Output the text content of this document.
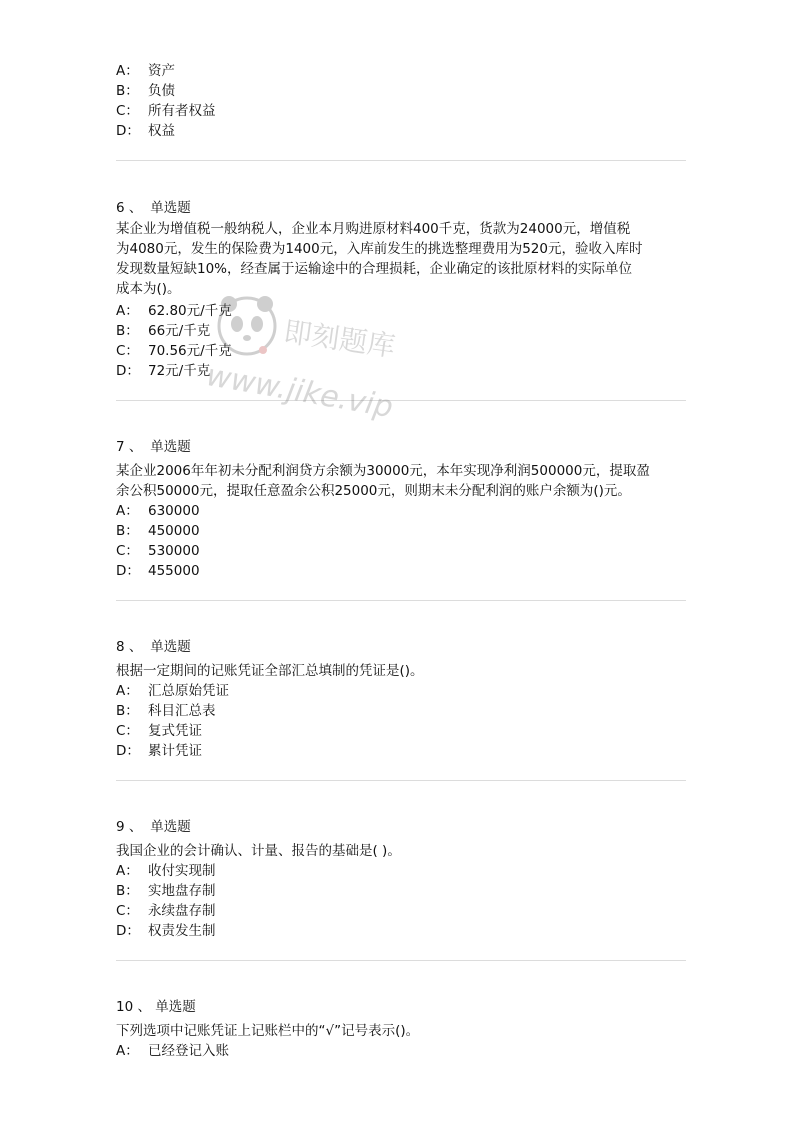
A： 资产
B： 负债
C： 所有者权益
D： 权益
6 、 单选题
某企业为增值税一般纳税人，企业本月购进原材料400千克，货款为24000元，增值税
为4080元，发生的保险费为1400元，入库前发生的挑选整理费用为520元，验收入库时
发现数量短缺10%，经查属于运输途中的合理损耗，企业确定的该批原材料的实际单位
成本为()。
A： 62.80元/千克
B： 66元/千克
C： 70.56元/千克
D： 72元/千克
7 、 单选题
某企业2006年年初未分配利润贷方余额为30000元，本年实现净利润500000元，提取盈
余公积50000元，提取任意盈余公积25000元，则期末未分配利润的账户余额为()元。
A： 630000
B： 450000
C： 530000
D： 455000
8 、 单选题
根据一定期间的记账凭证全部汇总填制的凭证是()。
A： 汇总原始凭证
B： 科目汇总表
C： 复式凭证
D： 累计凭证
9 、 单选题
我国企业的会计确认、计量、报告的基础是( )。
A： 收付实现制
B： 实地盘存制
C： 永续盘存制
D： 权责发生制
10 、 单选题
下列选项中记账凭证上记账栏中的“√”记号表示()。
A： 已经登记入账
即刻题库
www.jike.vip
